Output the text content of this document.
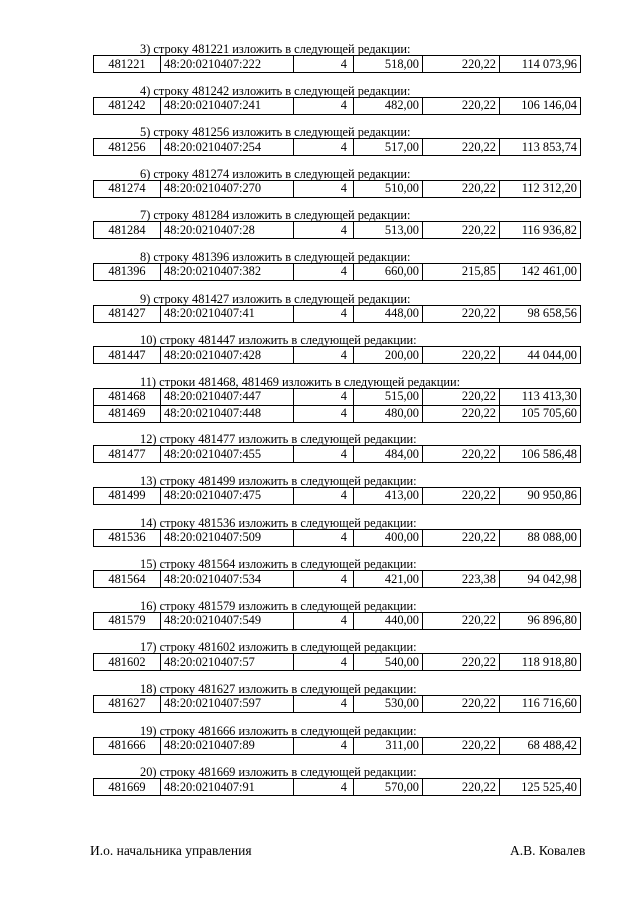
3) строку 481221 изложить в следующей редакции:
481221	48:20:0210407:222	4	518,00	220,22	114 073,96
4) строку 481242 изложить в следующей редакции:
481242	48:20:0210407:241	4	482,00	220,22	106 146,04
5) строку 481256 изложить в следующей редакции:
481256	48:20:0210407:254	4	517,00	220,22	113 853,74
6) строку 481274 изложить в следующей редакции:
481274	48:20:0210407:270	4	510,00	220,22	112 312,20
7) строку 481284 изложить в следующей редакции:
481284	48:20:0210407:28	4	513,00	220,22	116 936,82
8) строку 481396 изложить в следующей редакции:
481396	48:20:0210407:382	4	660,00	215,85	142 461,00
9) строку 481427 изложить в следующей редакции:
481427	48:20:0210407:41	4	448,00	220,22	98 658,56
10) строку 481447 изложить в следующей редакции:
481447	48:20:0210407:428	4	200,00	220,22	44 044,00
11) строки 481468, 481469 изложить в следующей редакции:
481468	48:20:0210407:447	4	515,00	220,22	113 413,30
481469	48:20:0210407:448	4	480,00	220,22	105 705,60
12) строку 481477 изложить в следующей редакции:
481477	48:20:0210407:455	4	484,00	220,22	106 586,48
13) строку 481499 изложить в следующей редакции:
481499	48:20:0210407:475	4	413,00	220,22	90 950,86
14) строку 481536 изложить в следующей редакции:
481536	48:20:0210407:509	4	400,00	220,22	88 088,00
15) строку 481564 изложить в следующей редакции:
481564	48:20:0210407:534	4	421,00	223,38	94 042,98
16) строку 481579 изложить в следующей редакции:
481579	48:20:0210407:549	4	440,00	220,22	96 896,80
17) строку 481602 изложить в следующей редакции:
481602	48:20:0210407:57	4	540,00	220,22	118 918,80
18) строку 481627 изложить в следующей редакции:
481627	48:20:0210407:597	4	530,00	220,22	116 716,60
19) строку 481666 изложить в следующей редакции:
481666	48:20:0210407:89	4	311,00	220,22	68 488,42
20) строку 481669 изложить в следующей редакции:
481669	48:20:0210407:91	4	570,00	220,22	125 525,40
И.о. начальника управления	А.В. Ковалев
